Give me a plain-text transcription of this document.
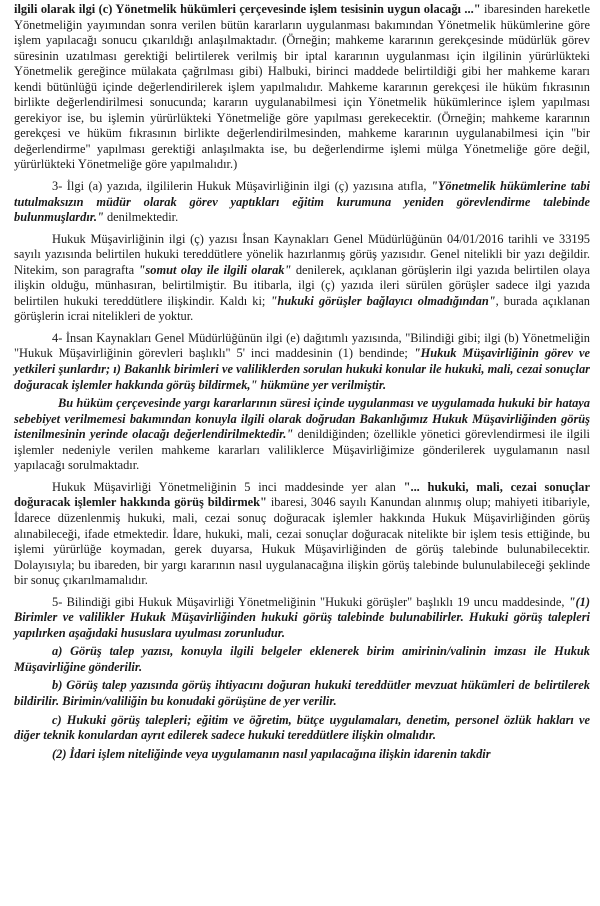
ilgili olarak ilgi (c) Yönetmelik hükümleri çerçevesinde işlem tesisinin uygun olacağı ..." ibaresinden hareketle Yönetmeliğin yayımından sonra verilen bütün kararların uygulanması bakımından Yönetmelik hükümlerine göre işlem yapılacağı sonucu çıkarıldığı anlaşılmaktadır. (Örneğin; mahkeme kararının gerekçesinde müdürlük görev süresinin uzatılması gerektiği belirtilerek verilmiş bir iptal kararının uygulanması için ilgilinin yürürlükteki Yönetmelik gereğince mülakata çağrılması gibi) Halbuki, birinci maddede belirtildiği gibi her mahkeme kararı kendi bütünlüğü içinde değerlendirilerek işlem yapılmalıdır. Mahkeme kararının gerekçesi ile hüküm fıkrasının birlikte değerlendirilmesi sonucunda; kararın uygulanabilmesi için Yönetmelik hükümlerince işlem yapılması gerekiyor ise, bu işlemin yürürlükteki Yönetmeliğe göre yapılması gerekecektir. (Örneğin; mahkeme kararının gerekçesi ve hüküm fıkrasının birlikte değerlendirilmesinden, mahkeme kararının uygulanabilmesi için "bir değerlendirme" yapılması gerektiği anlaşılmakta ise, bu değerlendirme işlemi mülga Yönetmeliğe göre değil, yürürlükteki Yönetmeliğe göre yapılmalıdır.)

3- İlgi (a) yazıda, ilgililerin Hukuk Müşavirliğinin ilgi (ç) yazısına atıfla, "Yönetmelik hükümlerine tabi tutulmaksızın müdür olarak görev yaptıkları eğitim kurumuna yeniden görevlendirme talebinde bulunmuşlardır." denilmektedir.

Hukuk Müşavirliğinin ilgi (ç) yazısı İnsan Kaynakları Genel Müdürlüğünün 04/01/2016 tarihli ve 33195 sayılı yazısında belirtilen hukuki tereddütlere yönelik hazırlanmış görüş yazısıdır. Genel nitelikli bir yazı değildir. Nitekim, son paragrafta "somut olay ile ilgili olarak" denilerek, açıklanan görüşlerin ilgi yazıda belirtilen olaya ilişkin olduğu, münhasıran, belirtilmiştir. Bu itibarla, ilgi (ç) yazıda ileri sürülen görüşler sadece ilgi yazıda belirtilen hukuki tereddütlere ilişkindir. Kaldı ki; "hukuki görüşler bağlayıcı olmadığından", burada açıklanan görüşlerin icrai nitelikleri de yoktur.

4- İnsan Kaynakları Genel Müdürlüğünün ilgi (e) dağıtımlı yazısında, "Bilindiği gibi; ilgi (b) Yönetmeliğin "Hukuk Müşavirliğinin görevleri başlıklı" 5' inci maddesinin (1) bendinde; "Hukuk Müşavirliğinin görev ve yetkileri şunlardır; ı) Bakanlık birimleri ve valiliklerden sorulan hukuki konular ile hukuki, mali, cezai sonuçlar doğuracak işlemler hakkında görüş bildirmek," hükmüne yer verilmiştir.

Bu hüküm çerçevesinde yargı kararlarının süresi içinde uygulanması ve uygulamada hukuki bir hataya sebebiyet verilmemesi bakımından konuyla ilgili olarak doğrudan Bakanlığımız Hukuk Müşavirliğinden görüş istenilmesinin yerinde olacağı değerlendirilmektedir." denildiğinden; özellikle yönetici görevlendirmesi ile ilgili işlemler nedeniyle verilen mahkeme kararları valiliklerce Müşavirliğimize gönderilerek uygulamanın nasıl yapılacağı sorulmaktadır.

Hukuk Müşavirliği Yönetmeliğinin 5 inci maddesinde yer alan "... hukuki, mali, cezai sonuçlar doğuracak işlemler hakkında görüş bildirmek" ibaresi, 3046 sayılı Kanundan alınmış olup; mahiyeti itibariyle, İdarece düzenlenmiş hukuki, mali, cezai sonuç doğuracak işlemler hakkında Hukuk Müşavirliğinden görüş alınabileceği, ifade etmektedir. İdare, hukuki, mali, cezai sonuçlar doğuracak nitelikte bir işlem tesis ettiğinde, bu işlemi yürürlüğe koymadan, gerek duyarsa, Hukuk Müşavirliğinden de görüş talebinde bulunabilecektir. Dolayısıyla; bu ibareden, bir yargı kararının nasıl uygulanacağına ilişkin görüş talebinde bulunulabileceği şeklinde bir sonuç çıkarılmamalıdır.

5- Bilindiği gibi Hukuk Müşavirliği Yönetmeliğinin "Hukuki görüşler" başlıklı 19 uncu maddesinde, "(1) Birimler ve valilikler Hukuk Müşavirliğinden hukuki görüş talebinde bulunabilirler. Hukuki görüş talepleri yapılırken aşağıdaki hususlara uyulması zorunludur.

a) Görüş talep yazısı, konuyla ilgili belgeler eklenerek birim amirinin/valinin imzası ile Hukuk Müşavirliğine gönderilir.

b) Görüş talep yazısında görüş ihtiyacını doğuran hukuki tereddütler mevzuat hükümleri de belirtilerek bildirilir. Birimin/valiliğin bu konudaki görüşüne de yer verilir.

c) Hukuki görüş talepleri; eğitim ve öğretim, bütçe uygulamaları, denetim, personel özlük hakları ve diğer teknik konulardan ayrıt edilerek sadece hukuki tereddütlere ilişkin olmalıdır.

(2) İdari işlem niteliğinde veya uygulamanın nasıl yapılacağına ilişkin idarenin takdir
